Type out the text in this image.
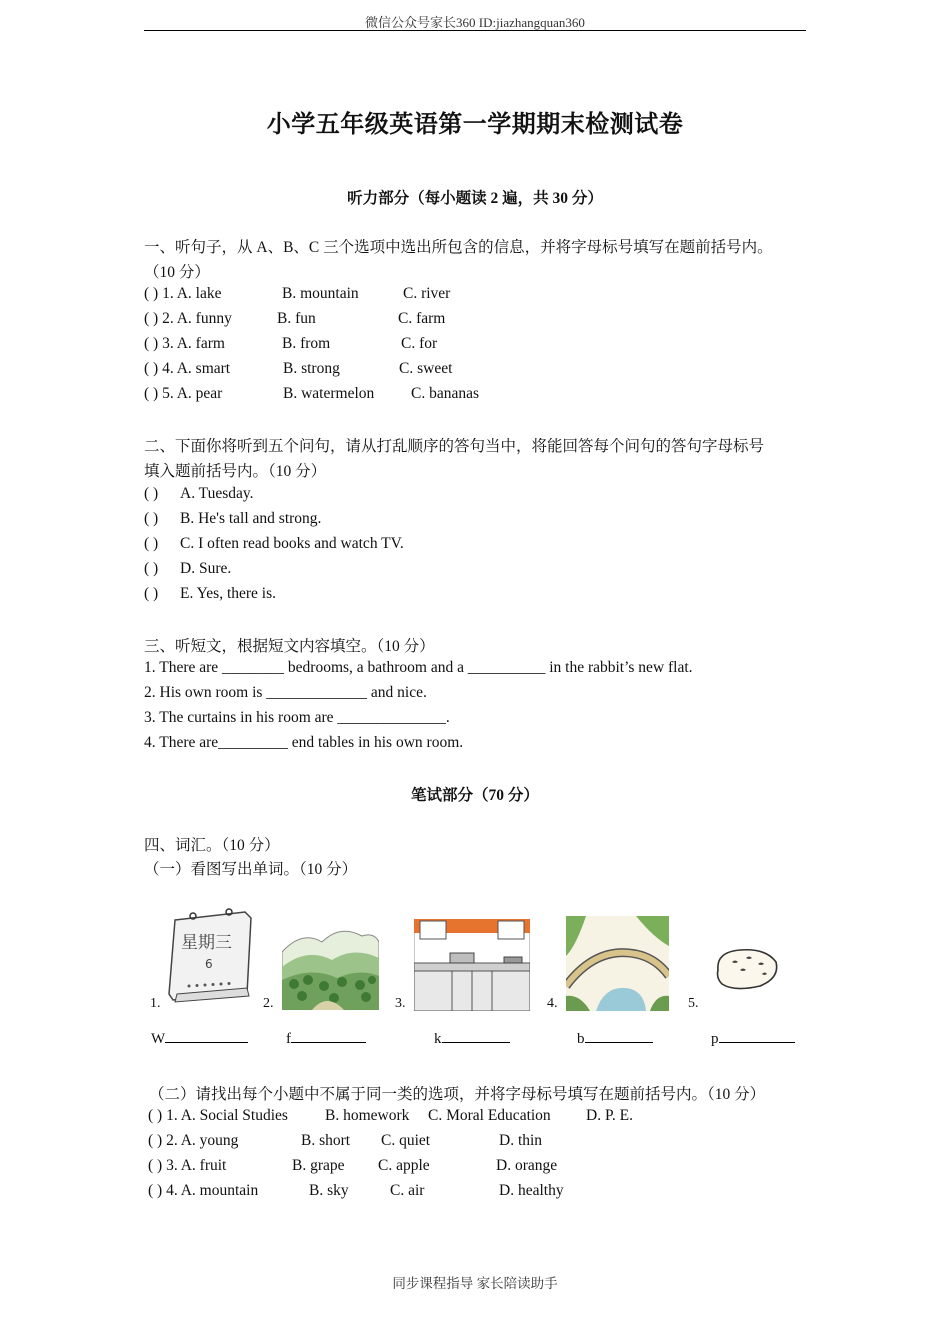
微信公众号家长360 ID:jiazhangquan360
小学五年级英语第一学期期末检测试卷
听力部分（每小题读 2 遍，共 30 分）
一、听句子，从 A、B、C 三个选项中选出所包含的信息，并将字母标号填写在题前括号内。
（10 分）
( ) 1. A. lake	B. mountain	C. river
( ) 2. A. funny	B. fun	C. farm
( ) 3. A. farm	B. from	C. for
( ) 4. A. smart	B. strong	C. sweet
( ) 5. A. pear	B. watermelon C. bananas
二、下面你将听到五个问句，请从打乱顺序的答句当中，将能回答每个问句的答句字母标号
填入题前括号内。（10 分）
( ) A. Tuesday.
( ) B. He's tall and strong.
( ) C. I often read books and watch TV.
( ) D. Sure.
( ) E. Yes, there is.
三、听短文，根据短文内容填空。（10 分）
1. There are ________ bedrooms, a bathroom and a __________ in the rabbit’s new flat.
2. His own room is _____________ and nice.
3. The curtains in his room are ______________.
4. There are_________ end tables in his own room.
笔试部分（70 分）
四、词汇。（10 分）
（一）看图写出单词。（10 分）
星期三
6
1.	2.	3.	4.	5.
W	f	k	b	p
（二）请找出每个小题中不属于同一类的选项，并将字母标号填写在题前括号内。（10 分）
( ) 1. A. Social Studies B. homework C. Moral Education D. P. E.
( ) 2. A. young	B. short C. quiet	D. thin
( ) 3. A. fruit	B. grape C. apple	D. orange
( ) 4. A. mountain	B. sky	C. air	D. healthy
同步课程指导 家长陪读助手
